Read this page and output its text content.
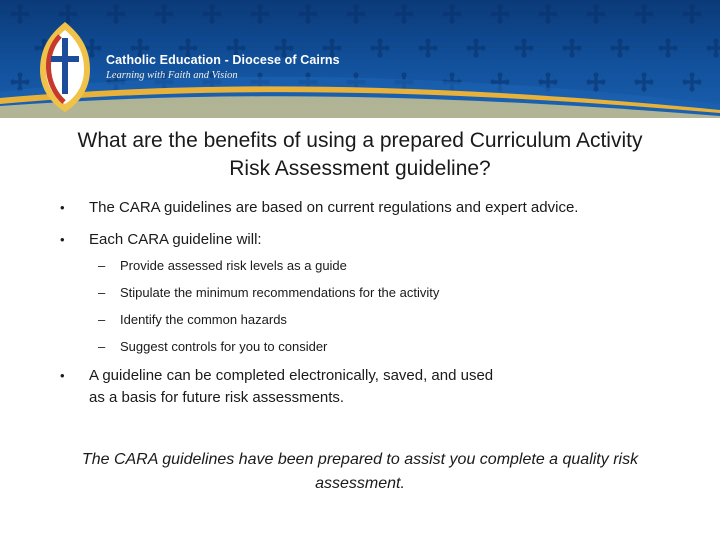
Catholic Education - Diocese of Cairns
Learning with Faith and Vision
What are the benefits of using a prepared Curriculum Activity Risk Assessment guideline?
•	The CARA guidelines are based on current regulations and expert advice.
•	Each CARA guideline will:
– Provide assessed risk levels as a guide
– Stipulate the minimum recommendations for the activity
– Identify the common hazards
– Suggest controls for you to consider
•	A guideline can be completed electronically, saved, and used as a basis for future risk assessments.
The CARA guidelines have been prepared to assist you complete a quality risk assessment.
